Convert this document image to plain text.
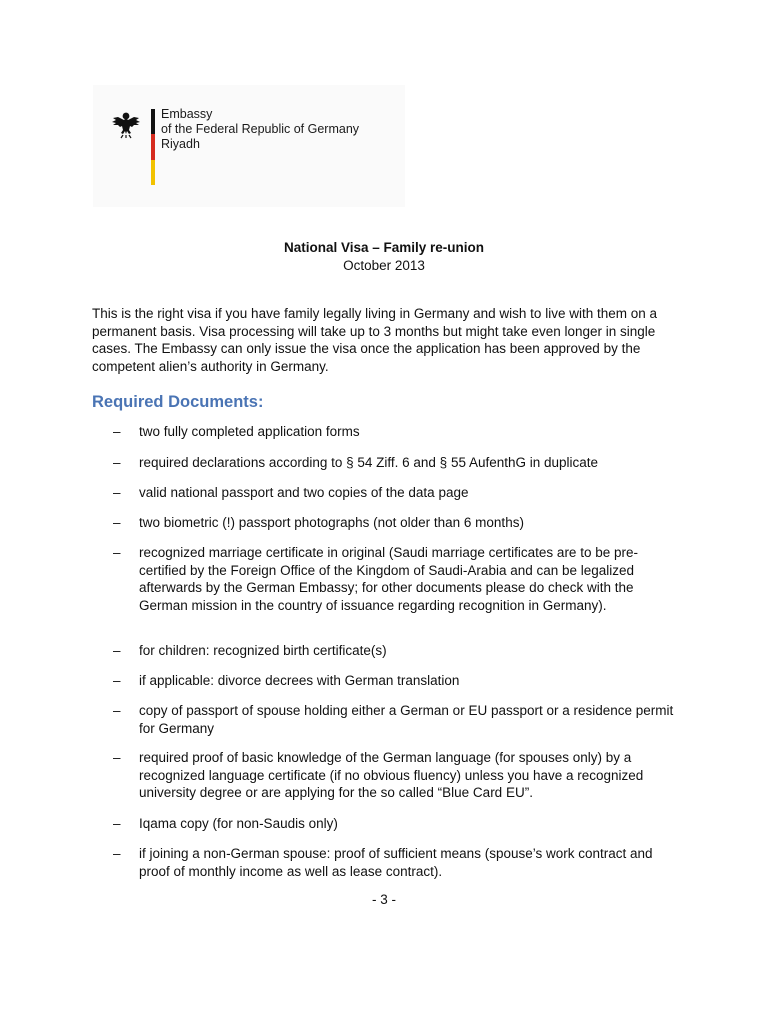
Embassy
of the Federal Republic of Germany
Riyadh
National Visa – Family re-union
October 2013

This is the right visa if you have family legally living in Germany and wish to live with them on a permanent basis. Visa processing will take up to 3 months but might take even longer in single cases. The Embassy can only issue the visa once the application has been approved by the competent alien’s authority in Germany.

Required Documents:
–	two fully completed application forms
–	required declarations according to § 54 Ziff. 6 and § 55 AufenthG in duplicate
–	valid national passport and two copies of the data page
–	two biometric (!) passport photographs (not older than 6 months)
–	recognized marriage certificate in original (Saudi marriage certificates are to be pre-certified by the Foreign Office of the Kingdom of Saudi-Arabia and can be legalized afterwards by the German Embassy; for other documents please do check with the German mission in the country of issuance regarding recognition in Germany).
–	for children: recognized birth certificate(s)
–	if applicable: divorce decrees with German translation
–	copy of passport of spouse holding either a German or EU passport or a residence permit for Germany
–	required proof of basic knowledge of the German language (for spouses only) by a recognized language certificate (if no obvious fluency) unless you have a recognized university degree or are applying for the so called “Blue Card EU”.
–	Iqama copy (for non-Saudis only)
–	if joining a non-German spouse: proof of sufficient means (spouse’s work contract and proof of monthly income as well as lease contract).
- 3 -
